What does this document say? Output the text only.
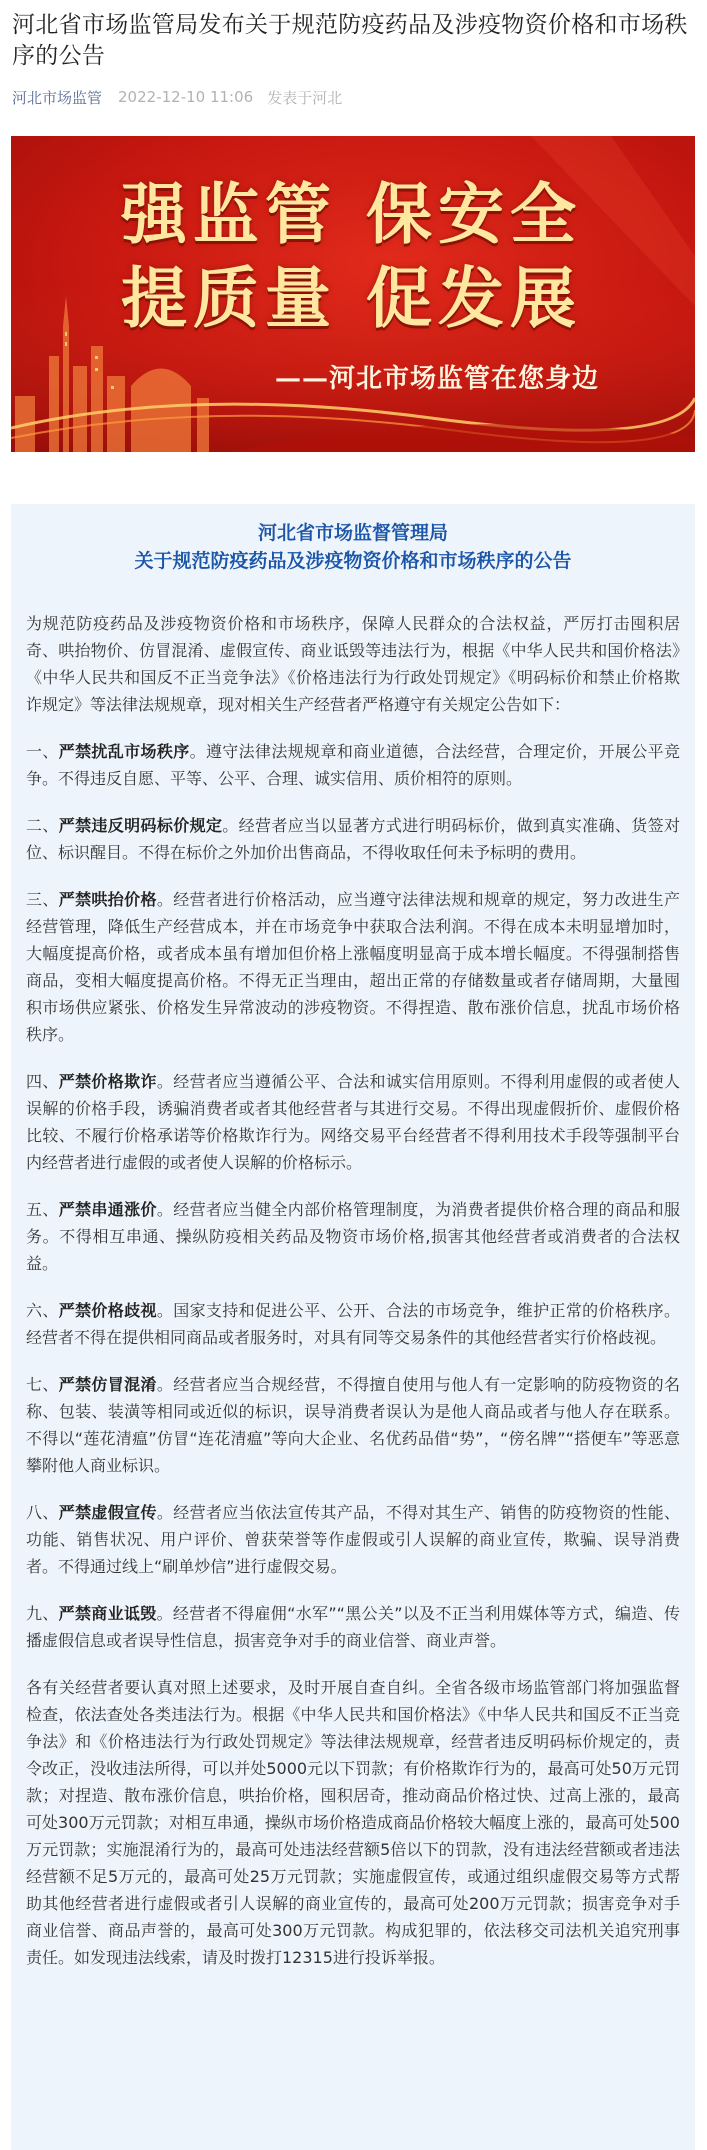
河北省市场监管局发布关于规范防疫药品及涉疫物资价格和市场秩序的公告
河北市场监管 2022-12-10 11:06 发表于河北
强监管 保安全
提质量 促发展
——河北市场监管在您身边

河北省市场监督管理局

关于规范防疫药品及涉疫物资价格和市场秩序的公告

为规范防疫药品及涉疫物资价格和市场秩序，保障人民群众的合法权益，严厉打击囤积居奇、哄抬物价、仿冒混淆、虚假宣传、商业诋毁等违法行为，根据《中华人民共和国价格法》《中华人民共和国反不正当竞争法》《价格违法行为行政处罚规定》《明码标价和禁止价格欺诈规定》等法律法规规章，现对相关生产经营者严格遵守有关规定公告如下：

一、严禁扰乱市场秩序。遵守法律法规规章和商业道德，合法经营，合理定价，开展公平竞争。不得违反自愿、平等、公平、合理、诚实信用、质价相符的原则。

二、严禁违反明码标价规定。经营者应当以显著方式进行明码标价，做到真实准确、货签对位、标识醒目。不得在标价之外加价出售商品，不得收取任何未予标明的费用。

三、严禁哄抬价格。经营者进行价格活动，应当遵守法律法规和规章的规定，努力改进生产经营管理，降低生产经营成本，并在市场竞争中获取合法利润。不得在成本未明显增加时，大幅度提高价格，或者成本虽有增加但价格上涨幅度明显高于成本增长幅度。不得强制搭售商品，变相大幅度提高价格。不得无正当理由，超出正常的存储数量或者存储周期，大量囤积市场供应紧张、价格发生异常波动的涉疫物资。不得捏造、散布涨价信息，扰乱市场价格秩序。

四、严禁价格欺诈。经营者应当遵循公平、合法和诚实信用原则。不得利用虚假的或者使人误解的价格手段，诱骗消费者或者其他经营者与其进行交易。不得出现虚假折价、虚假价格比较、不履行价格承诺等价格欺诈行为。网络交易平台经营者不得利用技术手段等强制平台内经营者进行虚假的或者使人误解的价格标示。

五、严禁串通涨价。经营者应当健全内部价格管理制度，为消费者提供价格合理的商品和服务。不得相互串通、操纵防疫相关药品及物资市场价格,损害其他经营者或消费者的合法权益。

六、严禁价格歧视。国家支持和促进公平、公开、合法的市场竞争，维护正常的价格秩序。经营者不得在提供相同商品或者服务时，对具有同等交易条件的其他经营者实行价格歧视。

七、严禁仿冒混淆。经营者应当合规经营，不得擅自使用与他人有一定影响的防疫物资的名称、包装、装潢等相同或近似的标识，误导消费者误认为是他人商品或者与他人存在联系。不得以“莲花清瘟”仿冒“连花清瘟”等向大企业、名优药品借“势”，“傍名牌”“搭便车”等恶意攀附他人商业标识。

八、严禁虚假宣传。经营者应当依法宣传其产品，不得对其生产、销售的防疫物资的性能、功能、销售状况、用户评价、曾获荣誉等作虚假或引人误解的商业宣传，欺骗、误导消费者。不得通过线上“刷单炒信”进行虚假交易。

九、严禁商业诋毁。经营者不得雇佣“水军”“黑公关”以及不正当利用媒体等方式，编造、传播虚假信息或者误导性信息，损害竞争对手的商业信誉、商业声誉。

各有关经营者要认真对照上述要求，及时开展自查自纠。全省各级市场监管部门将加强监督检查，依法查处各类违法行为。根据《中华人民共和国价格法》《中华人民共和国反不正当竞争法》和《价格违法行为行政处罚规定》等法律法规规章，经营者违反明码标价规定的，责令改正，没收违法所得，可以并处5000元以下罚款；有价格欺诈行为的，最高可处50万元罚款；对捏造、散布涨价信息，哄抬价格，囤积居奇，推动商品价格过快、过高上涨的，最高可处300万元罚款；对相互串通，操纵市场价格造成商品价格较大幅度上涨的，最高可处500万元罚款；实施混淆行为的，最高可处违法经营额5倍以下的罚款，没有违法经营额或者违法经营额不足5万元的，最高可处25万元罚款；实施虚假宣传，或通过组织虚假交易等方式帮助其他经营者进行虚假或者引人误解的商业宣传的，最高可处200万元罚款；损害竞争对手商业信誉、商品声誉的，最高可处300万元罚款。构成犯罪的，依法移交司法机关追究刑事责任。如发现违法线索，请及时拨打12315进行投诉举报。
